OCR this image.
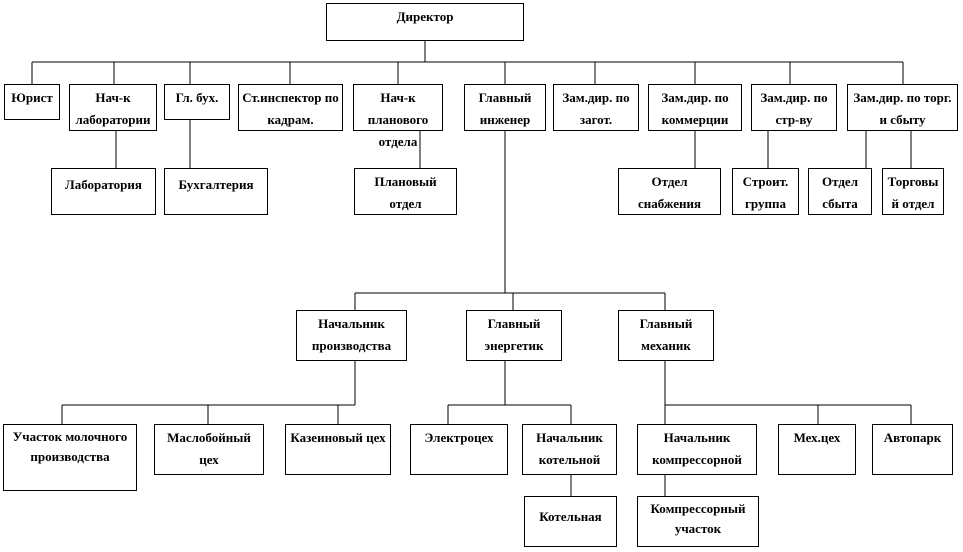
Директор
Юрист	Нач-к лаборатории
Гл. бух.	Ст.инспектор по кадрам.
Нач-к планового отдела
Главный инженер
Зам.дир. по загот.
Зам.дир. по коммерции
Зам.дир. по стр-ву
Зам.дир. по торг. и сбыту
Лаборатория	Бухгалтерия	Плановый отдел
Отдел снабжения
Строит. группа
Отдел сбыта
Торговый отдел
Начальник производства
Главный энергетик
Главный механик
Участок молочного производства
Маслобойный цех
Казеиновый цех	Электроцех	Начальник котельной
Начальник компрессорной
Мех.цех	Автопарк
Котельная
Компрессорный участок
